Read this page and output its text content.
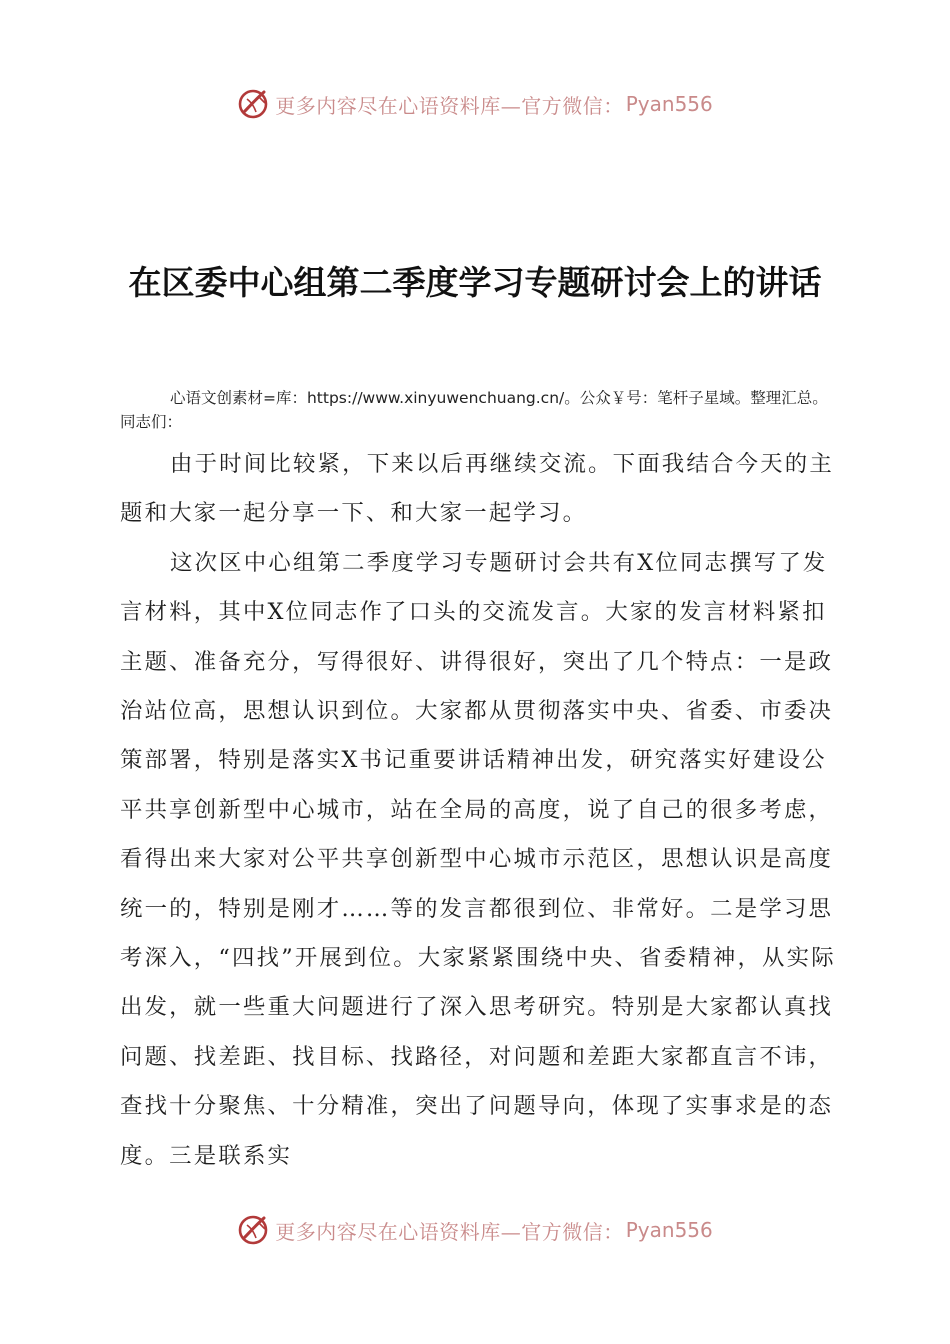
更多内容尽在心语资料库—官方微信： Pyan556
在区委中心组第二季度学习专题研讨会上的讲话
心语文创素材=库：https://www.xinyuwenchuang.cn/。公众￥号：笔杆子星域。整理汇总。同志们：

由于时间比较紧，下来以后再继续交流。下面我结合今天的主题和大家一起分享一下、和大家一起学习。

这次区中心组第二季度学习专题研讨会共有X位同志撰写了发言材料，其中X位同志作了口头的交流发言。大家的发言材料紧扣主题、准备充分，写得很好、讲得很好，突出了几个特点：一是政治站位高，思想认识到位。大家都从贯彻落实中央、省委、市委决策部署，特别是落实X书记重要讲话精神出发，研究落实好建设公平共享创新型中心城市，站在全局的高度，说了自己的很多考虑，看得出来大家对公平共享创新型中心城市示范区，思想认识是高度统一的，特别是刚才……等的发言都很到位、非常好。二是学习思考深入，“四找”开展到位。大家紧紧围绕中央、省委精神，从实际出发，就一些重大问题进行了深入思考研究。特别是大家都认真找问题、找差距、找目标、找路径，对问题和差距大家都直言不讳，查找十分聚焦、十分精准，突出了问题导向，体现了实事求是的态度。三是联系实

更多内容尽在心语资料库—官方微信： Pyan556
